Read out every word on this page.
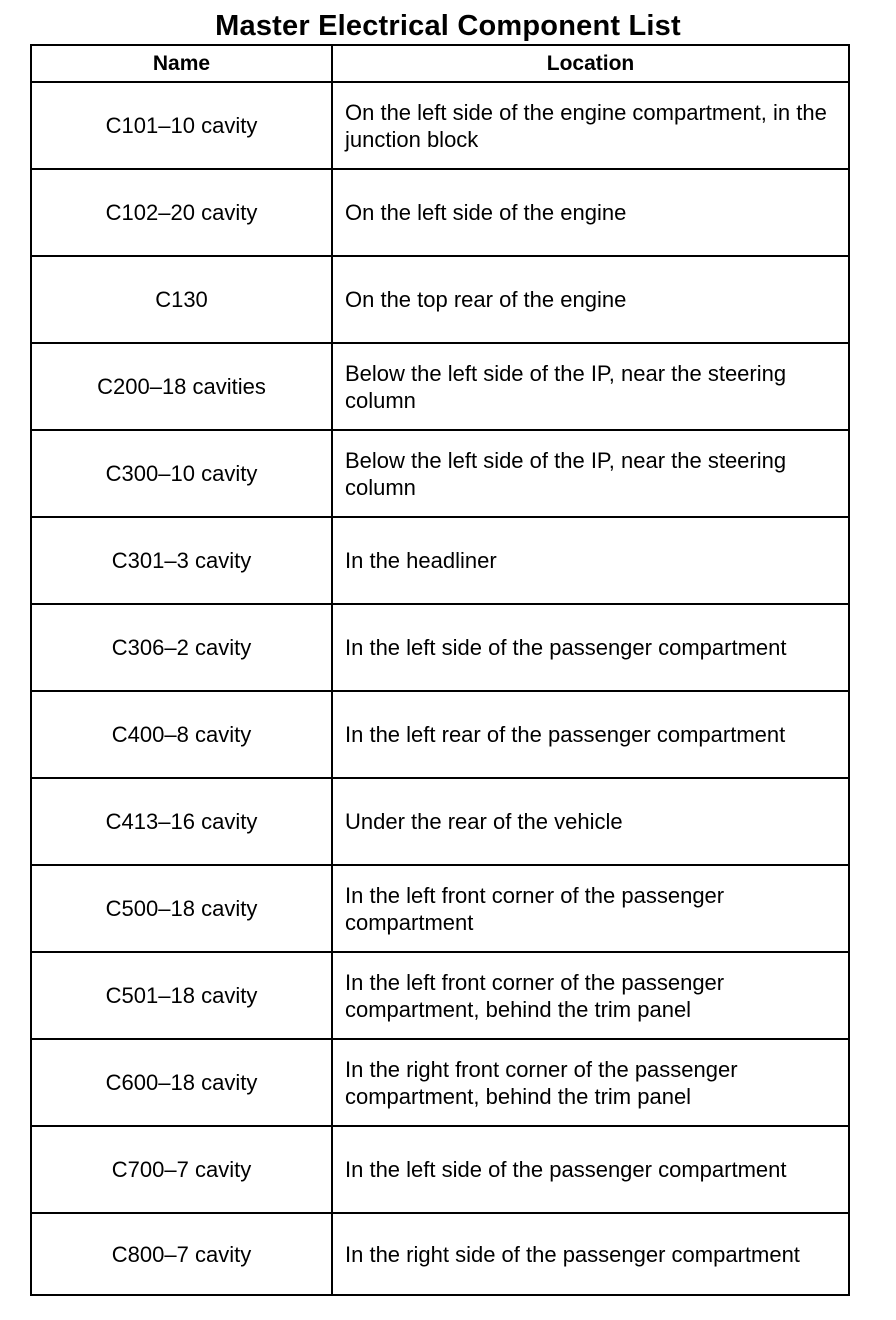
Master Electrical Component List
Name	Location
C101–10 cavity	On the left side of the engine compartment, in the junction block
C102–20 cavity	On the left side of the engine
C130	On the top rear of the engine
C200–18 cavities	Below the left side of the IP, near the steering column
C300–10 cavity	Below the left side of the IP, near the steering column
C301–3 cavity	In the headliner
C306–2 cavity	In the left side of the passenger compartment
C400–8 cavity	In the left rear of the passenger compartment
C413–16 cavity	Under the rear of the vehicle
C500–18 cavity	In the left front corner of the passenger compartment
C501–18 cavity	In the left front corner of the passenger compartment, behind the trim panel
C600–18 cavity	In the right front corner of the passenger compartment, behind the trim panel
C700–7 cavity	In the left side of the passenger compartment
C800–7 cavity	In the right side of the passenger compartment
